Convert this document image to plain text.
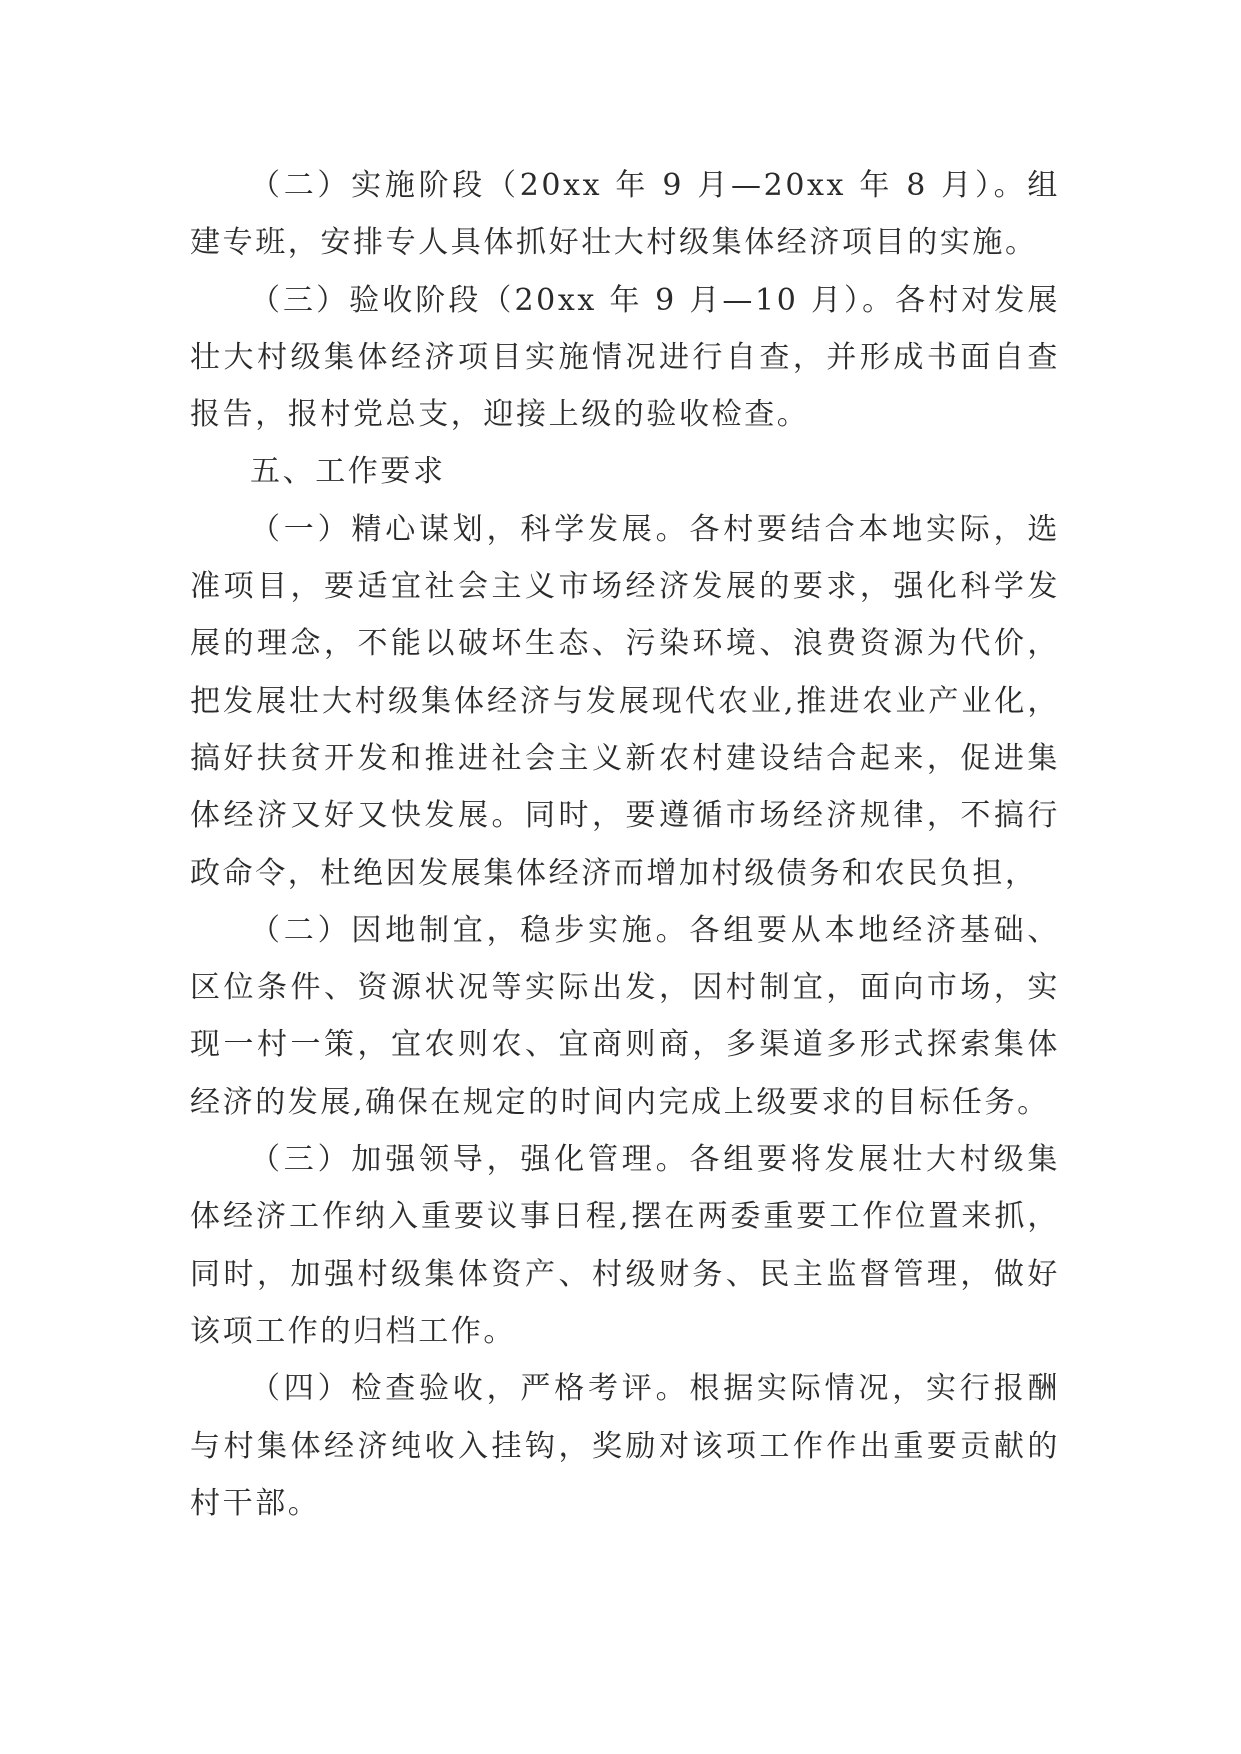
（二）实施阶段（20xx 年 9 月—20xx 年 8 月）。组建专班，安排专人具体抓好壮大村级集体经济项目的实施。

（三）验收阶段（20xx 年 9 月—10 月）。各村对发展壮大村级集体经济项目实施情况进行自查，并形成书面自查报告，报村党总支，迎接上级的验收检查。

五、工作要求

（一）精心谋划，科学发展。各村要结合本地实际，选准项目，要适宜社会主义市场经济发展的要求，强化科学发展的理念，不能以破坏生态、污染环境、浪费资源为代价，把发展壮大村级集体经济与发展现代农业,推进农业产业化，搞好扶贫开发和推进社会主义新农村建设结合起来，促进集体经济又好又快发展。同时，要遵循市场经济规律，不搞行政命令，杜绝因发展集体经济而增加村级债务和农民负担，

（二）因地制宜，稳步实施。各组要从本地经济基础、区位条件、资源状况等实际出发，因村制宜，面向市场，实现一村一策，宜农则农、宜商则商，多渠道多形式探索集体经济的发展,确保在规定的时间内完成上级要求的目标任务。

（三）加强领导，强化管理。各组要将发展壮大村级集体经济工作纳入重要议事日程,摆在两委重要工作位置来抓，同时，加强村级集体资产、村级财务、民主监督管理，做好该项工作的归档工作。

（四）检查验收，严格考评。根据实际情况，实行报酬与村集体经济纯收入挂钩，奖励对该项工作作出重要贡献的村干部。
